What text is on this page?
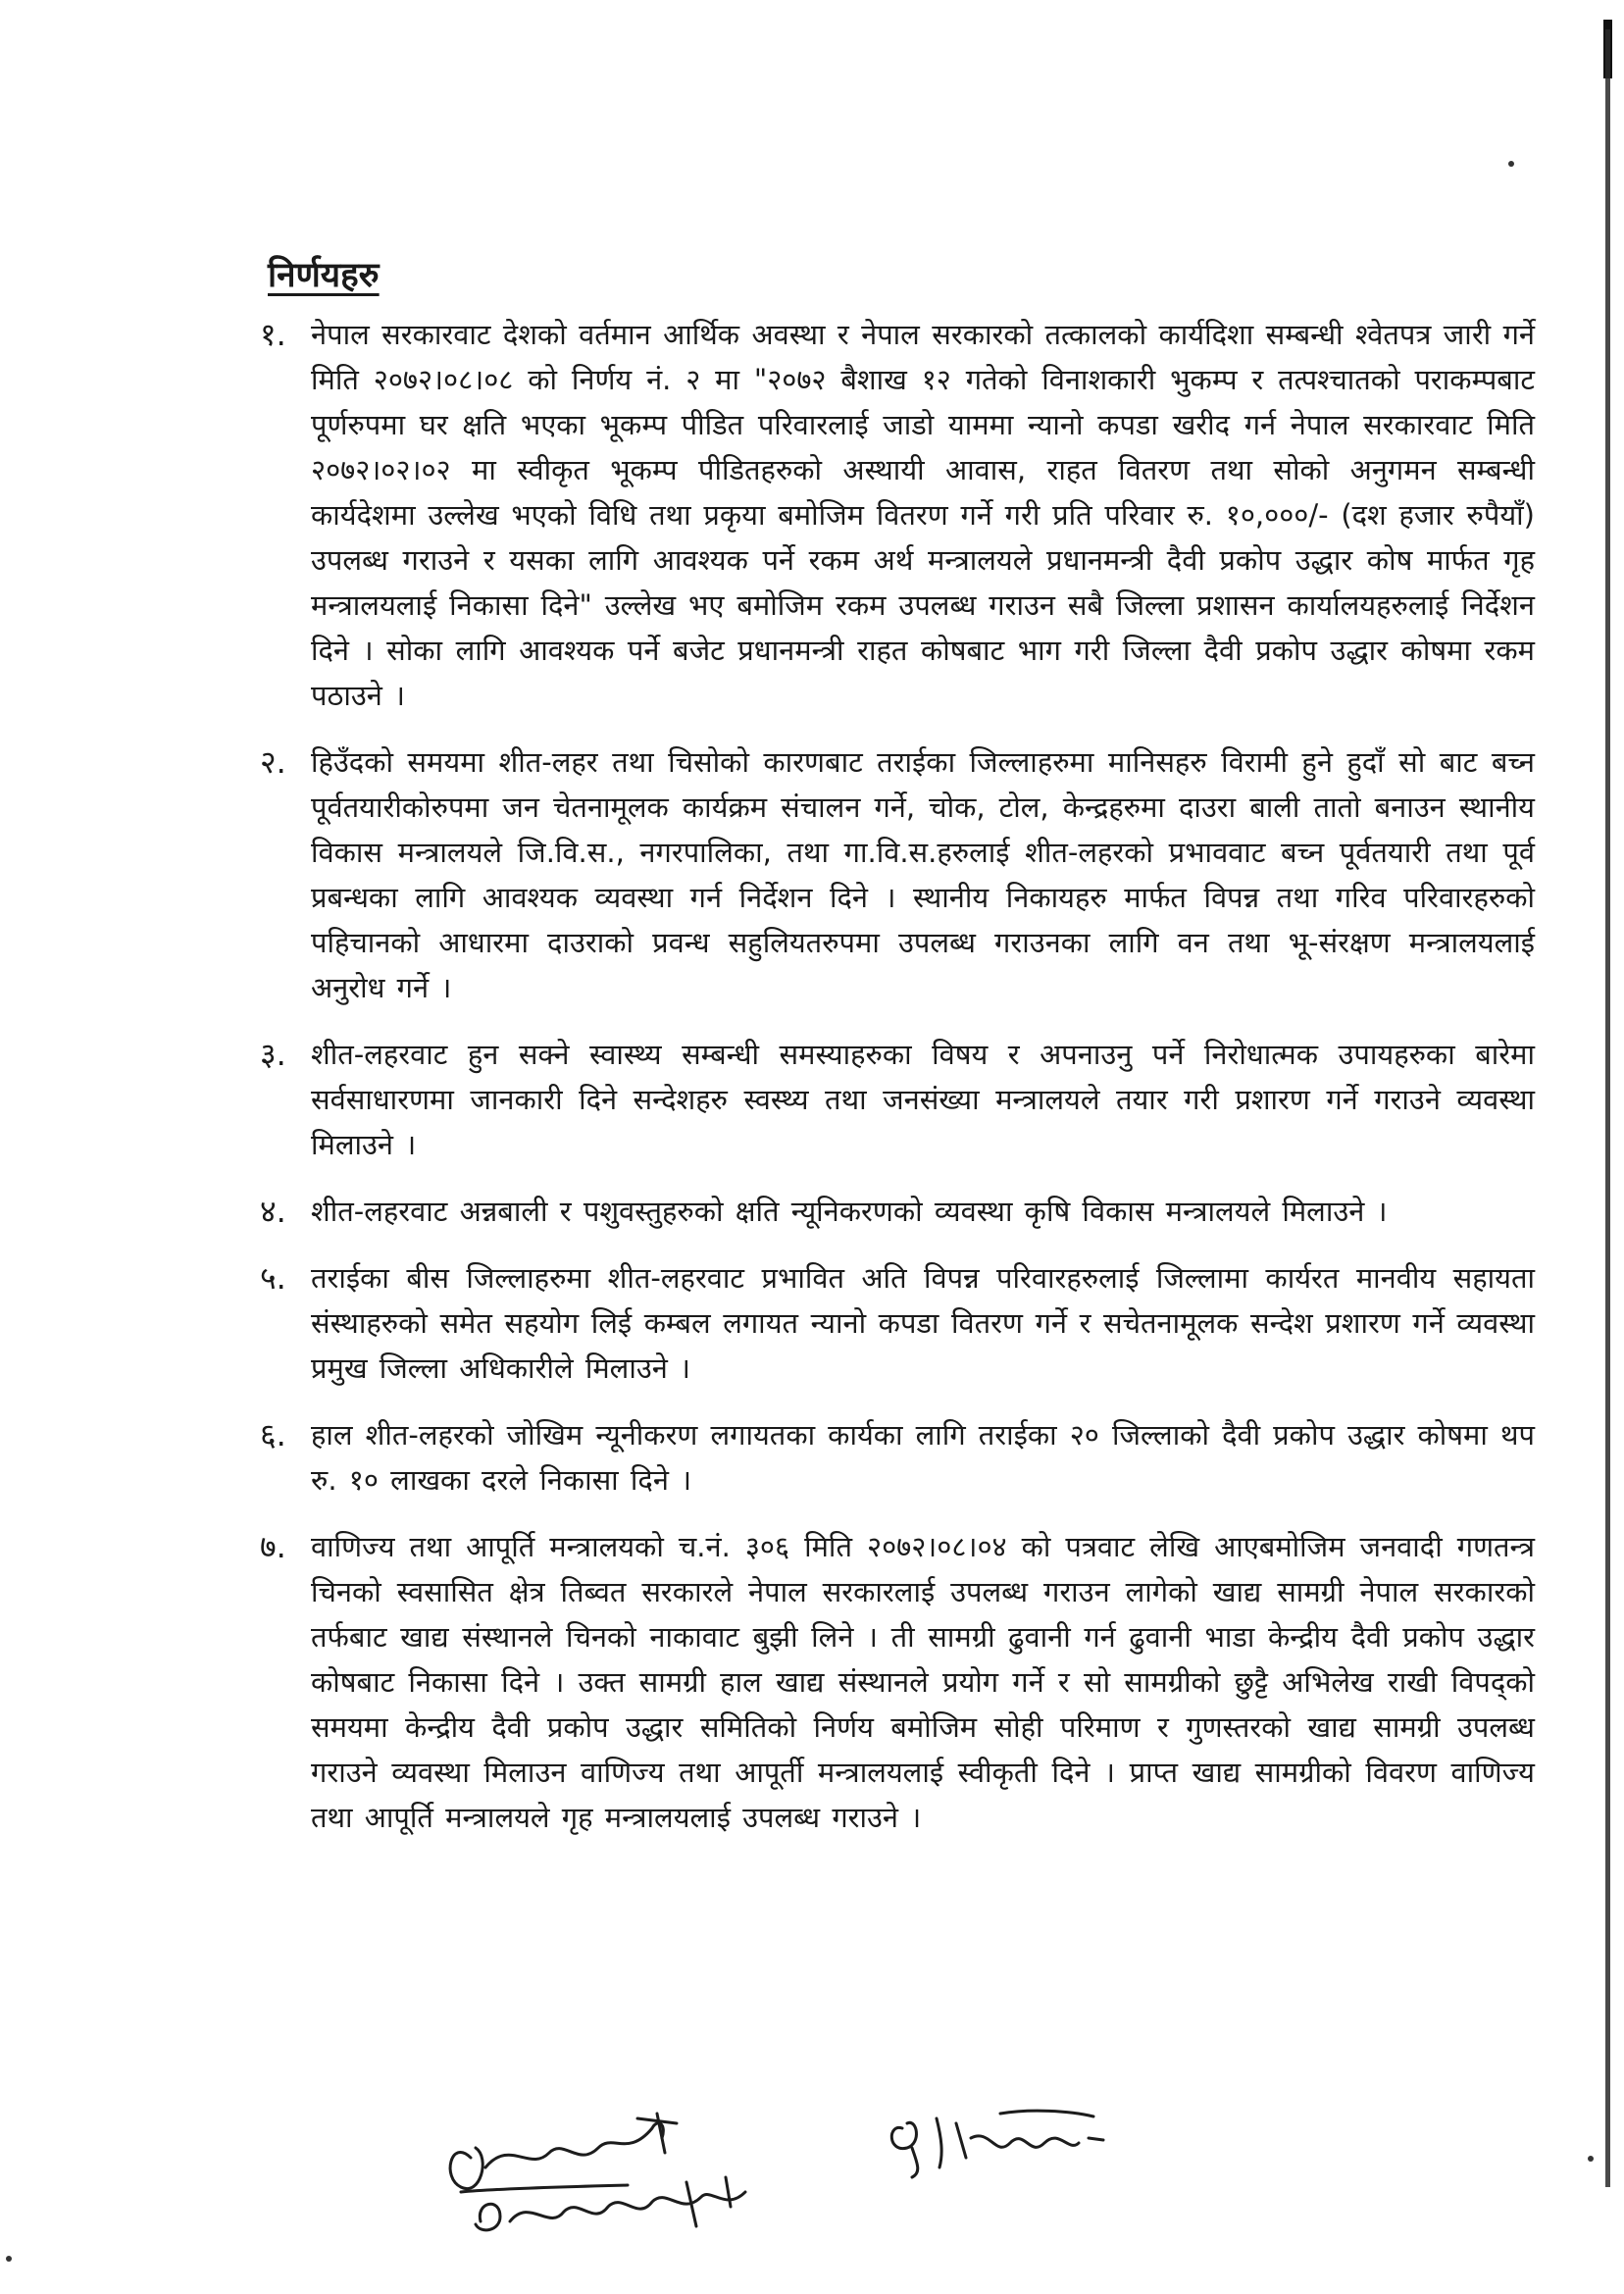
निर्णयहरु
१. नेपाल सरकारवाट देशको वर्तमान आर्थिक अवस्था र नेपाल सरकारको तत्कालको कार्यदिशा सम्बन्धी श्वेतपत्र जारी गर्ने मिति २०७२।०८।०८ को निर्णय नं. २ मा "२०७२ बैशाख १२ गतेको विनाशकारी भुकम्प र तत्पश्चातको पराकम्पबाट पूर्णरुपमा घर क्षति भएका भूकम्प पीडित परिवारलाई जाडो याममा न्यानो कपडा खरीद गर्न नेपाल सरकारवाट मिति २०७२।०२।०२ मा स्वीकृत भूकम्प पीडितहरुको अस्थायी आवास, राहत वितरण तथा सोको अनुगमन सम्बन्धी कार्यदेशमा उल्लेख भएको विधि तथा प्रकृया बमोजिम वितरण गर्ने गरी प्रति परिवार रु. १०,०००/- (दश हजार रुपैयाँ) उपलब्ध गराउने र यसका लागि आवश्यक पर्ने रकम अर्थ मन्त्रालयले प्रधानमन्त्री दैवी प्रकोप उद्धार कोष मार्फत गृह मन्त्रालयलाई निकासा दिने" उल्लेख भए बमोजिम रकम उपलब्ध गराउन सबै जिल्ला प्रशासन कार्यालयहरुलाई निर्देशन दिने । सोका लागि आवश्यक पर्ने बजेट प्रधानमन्त्री राहत कोषबाट भाग गरी जिल्ला दैवी प्रकोप उद्धार कोषमा रकम पठाउने ।
२. हिउँदको समयमा शीत-लहर तथा चिसोको कारणबाट तराईका जिल्लाहरुमा मानिसहरु विरामी हुने हुदाँ सो बाट बच्न पूर्वतयारीकोरुपमा जन चेतनामूलक कार्यक्रम संचालन गर्ने, चोक, टोल, केन्द्रहरुमा दाउरा बाली तातो बनाउन स्थानीय विकास मन्त्रालयले जि.वि.स., नगरपालिका, तथा गा.वि.स.हरुलाई शीत-लहरको प्रभाववाट बच्न पूर्वतयारी तथा पूर्व प्रबन्धका लागि आवश्यक व्यवस्था गर्न निर्देशन दिने । स्थानीय निकायहरु मार्फत विपन्न तथा गरिव परिवारहरुको पहिचानको आधारमा दाउराको प्रवन्ध सहुलियतरुपमा उपलब्ध गराउनका लागि वन तथा भू-संरक्षण मन्त्रालयलाई अनुरोध गर्ने ।
३. शीत-लहरवाट हुन सक्ने स्वास्थ्य सम्बन्धी समस्याहरुका विषय र अपनाउनु पर्ने निरोधात्मक उपायहरुका बारेमा सर्वसाधारणमा जानकारी दिने सन्देशहरु स्वस्थ्य तथा जनसंख्या मन्त्रालयले तयार गरी प्रशारण गर्ने गराउने व्यवस्था मिलाउने ।
४. शीत-लहरवाट अन्नबाली र पशुवस्तुहरुको क्षति न्यूनिकरणको व्यवस्था कृषि विकास मन्त्रालयले मिलाउने ।
५. तराईका बीस जिल्लाहरुमा शीत-लहरवाट प्रभावित अति विपन्न परिवारहरुलाई जिल्लामा कार्यरत मानवीय सहायता संस्थाहरुको समेत सहयोग लिई कम्बल लगायत न्यानो कपडा वितरण गर्ने र सचेतनामूलक सन्देश प्रशारण गर्ने व्यवस्था प्रमुख जिल्ला अधिकारीले मिलाउने ।
६. हाल शीत-लहरको जोखिम न्यूनीकरण लगायतका कार्यका लागि तराईका २० जिल्लाको दैवी प्रकोप उद्धार कोषमा थप रु. १० लाखका दरले निकासा दिने ।
७. वाणिज्य तथा आपूर्ति मन्त्रालयको च.नं. ३०६ मिति २०७२।०८।०४ को पत्रवाट लेखि आएबमोजिम जनवादी गणतन्त्र चिनको स्वसासित क्षेत्र तिब्वत सरकारले नेपाल सरकारलाई उपलब्ध गराउन लागेको खाद्य सामग्री नेपाल सरकारको तर्फबाट खाद्य संस्थानले चिनको नाकावाट बुझी लिने । ती सामग्री ढुवानी गर्न ढुवानी भाडा केन्द्रीय दैवी प्रकोप उद्धार कोषबाट निकासा दिने । उक्त सामग्री हाल खाद्य संस्थानले प्रयोग गर्ने र सो सामग्रीको छुट्टै अभिलेख राखी विपद्को समयमा केन्द्रीय दैवी प्रकोप उद्धार समितिको निर्णय बमोजिम सोही परिमाण र गुणस्तरको खाद्य सामग्री उपलब्ध गराउने व्यवस्था मिलाउन वाणिज्य तथा आपूर्ती मन्त्रालयलाई स्वीकृती दिने । प्राप्त खाद्य सामग्रीको विवरण वाणिज्य तथा आपूर्ति मन्त्रालयले गृह मन्त्रालयलाई उपलब्ध गराउने ।
